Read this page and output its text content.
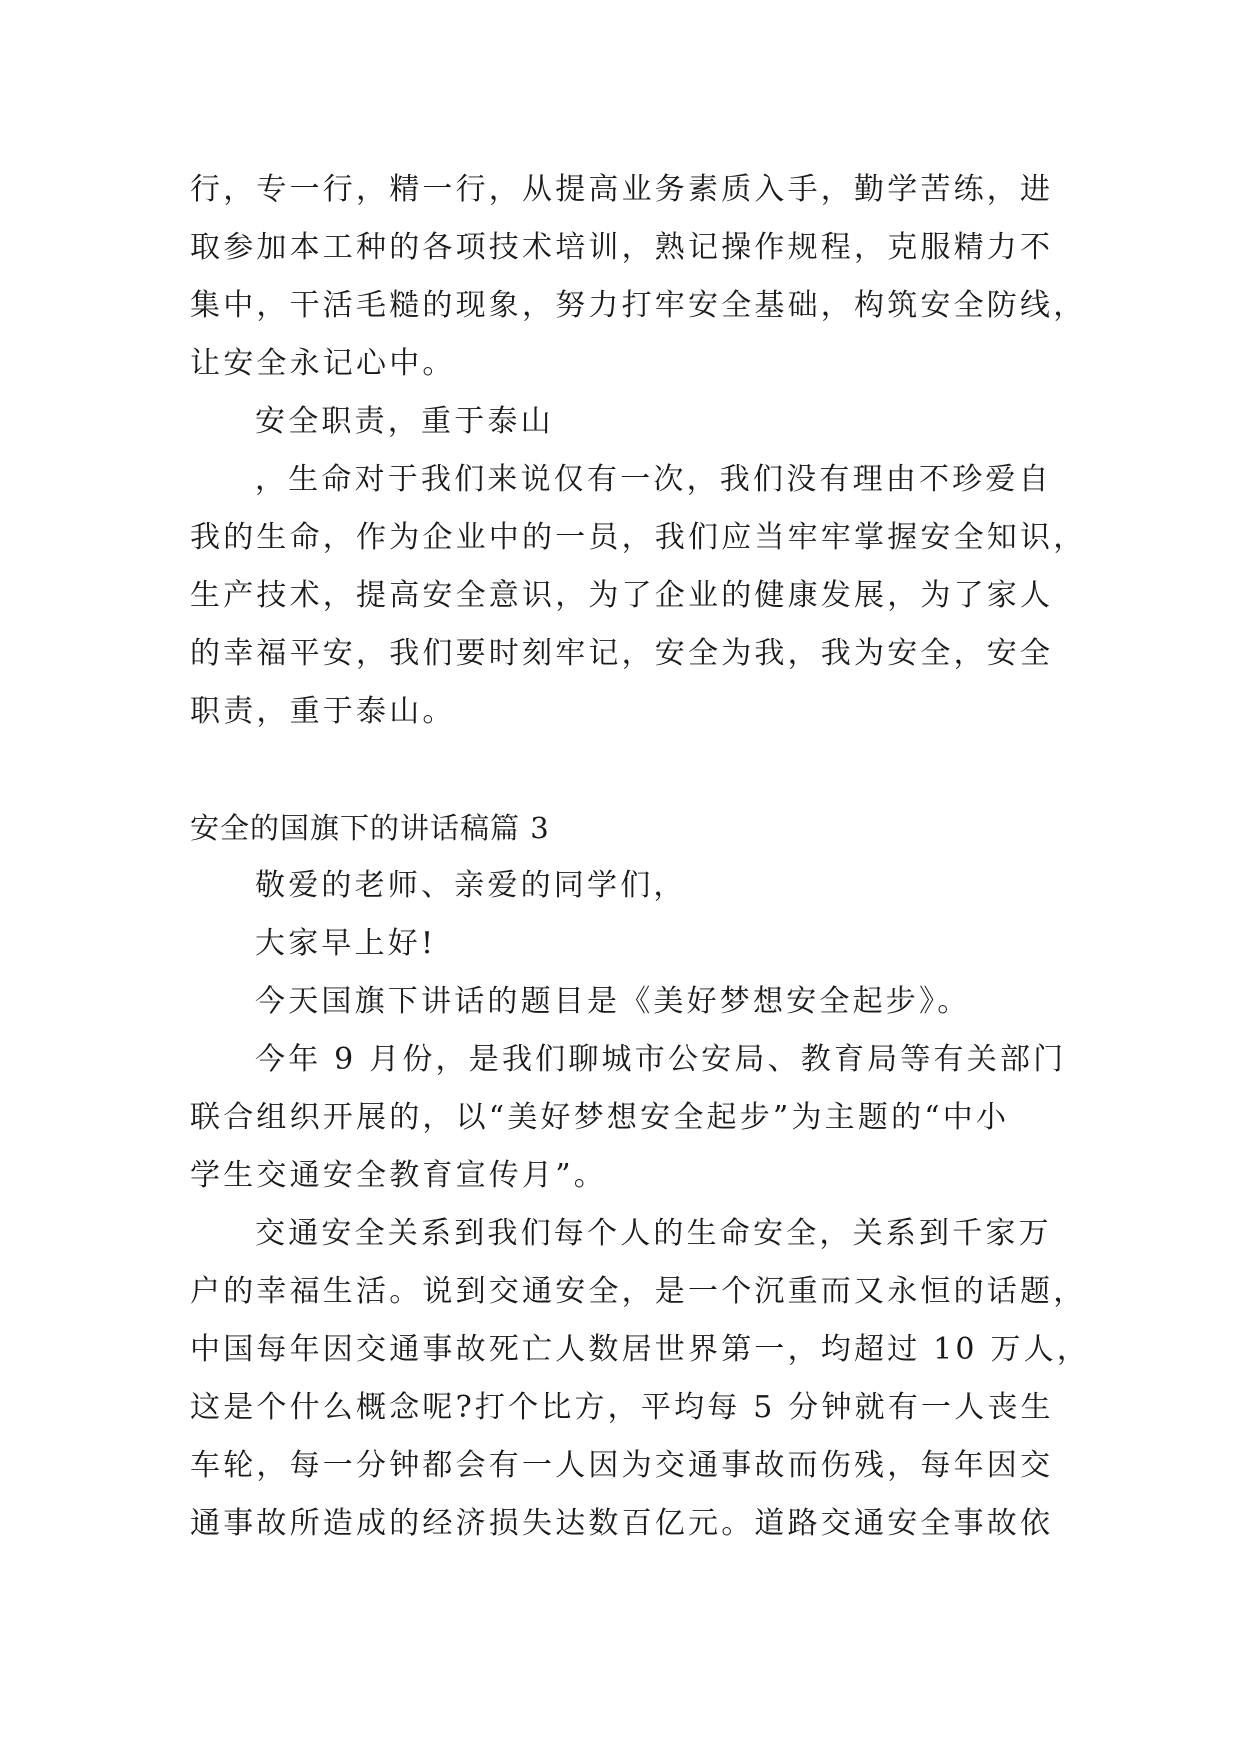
行，专一行，精一行，从提高业务素质入手，勤学苦练，进
取参加本工种的各项技术培训，熟记操作规程，克服精力不
集中，干活毛糙的现象，努力打牢安全基础，构筑安全防线，
让安全永记心中。
安全职责，重于泰山
，生命对于我们来说仅有一次，我们没有理由不珍爱自
我的生命，作为企业中的一员，我们应当牢牢掌握安全知识，
生产技术，提高安全意识，为了企业的健康发展，为了家人
的幸福平安，我们要时刻牢记，安全为我，我为安全，安全
职责，重于泰山。
安全的国旗下的讲话稿篇 3
敬爱的老师、亲爱的同学们，
大家早上好!
今天国旗下讲话的题目是《美好梦想安全起步》。
今年 9 月份，是我们聊城市公安局、教育局等有关部门
联合组织开展的，以“美好梦想安全起步”为主题的“中小
学生交通安全教育宣传月”。
交通安全关系到我们每个人的生命安全，关系到千家万
户的幸福生活。说到交通安全，是一个沉重而又永恒的话题，
中国每年因交通事故死亡人数居世界第一，均超过 10 万人，
这是个什么概念呢?打个比方，平均每 5 分钟就有一人丧生
车轮，每一分钟都会有一人因为交通事故而伤残，每年因交
通事故所造成的经济损失达数百亿元。道路交通安全事故依
